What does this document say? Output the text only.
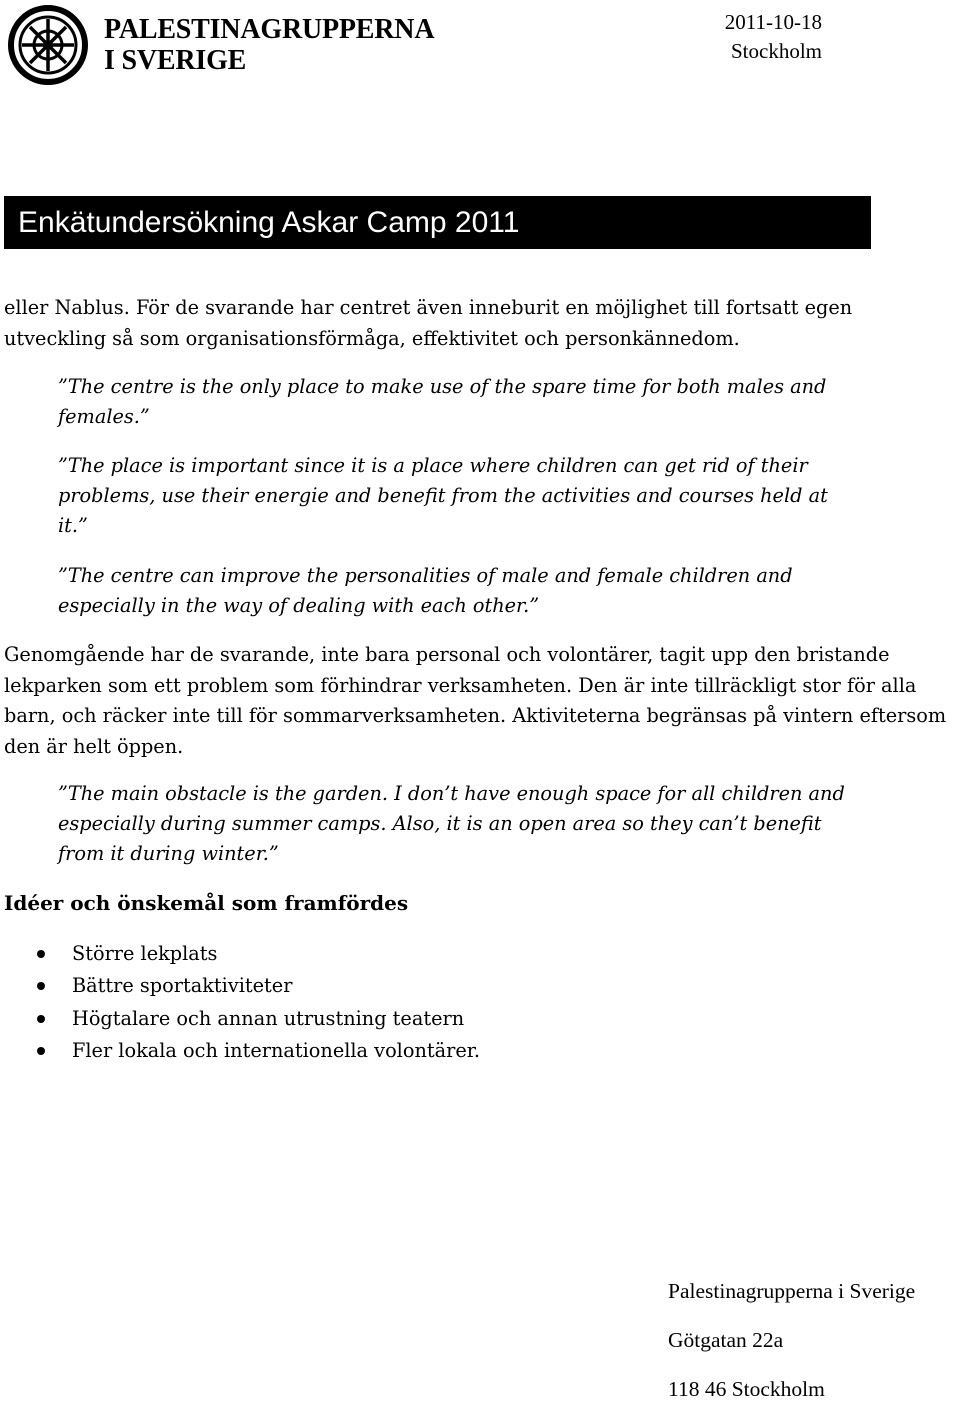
PALESTINAGRUPPERNA
I SVERIGE
2011-10-18
Stockholm
Enkätundersökning Askar Camp 2011
eller Nablus. För de svarande har centret även inneburit en möjlighet till fortsatt egen utveckling så som organisationsförmåga, effektivitet och personkännedom.
”The centre is the only place to make use of the spare time for both males and females.”
”The place is important since it is a place where children can get rid of their problems, use their energie and benefit from the activities and courses held at it.”
”The centre can improve the personalities of male and female children and especially in the way of dealing with each other.”
Genomgående har de svarande, inte bara personal och volontärer, tagit upp den bristande lekparken som ett problem som förhindrar verksamheten. Den är inte tillräckligt stor för alla barn, och räcker inte till för sommarverksamheten. Aktiviteterna begränsas på vintern eftersom den är helt öppen.
”The main obstacle is the garden. I don’t have enough space for all children and especially during summer camps. Also, it is an open area so they can’t benefit from it during winter.”
Idéer och önskemål som framfördes
Större lekplats
Bättre sportaktiviteter
Högtalare och annan utrustning teatern
Fler lokala och internationella volontärer.
Palestinagrupperna i Sverige
Götgatan 22a
118 46 Stockholm
